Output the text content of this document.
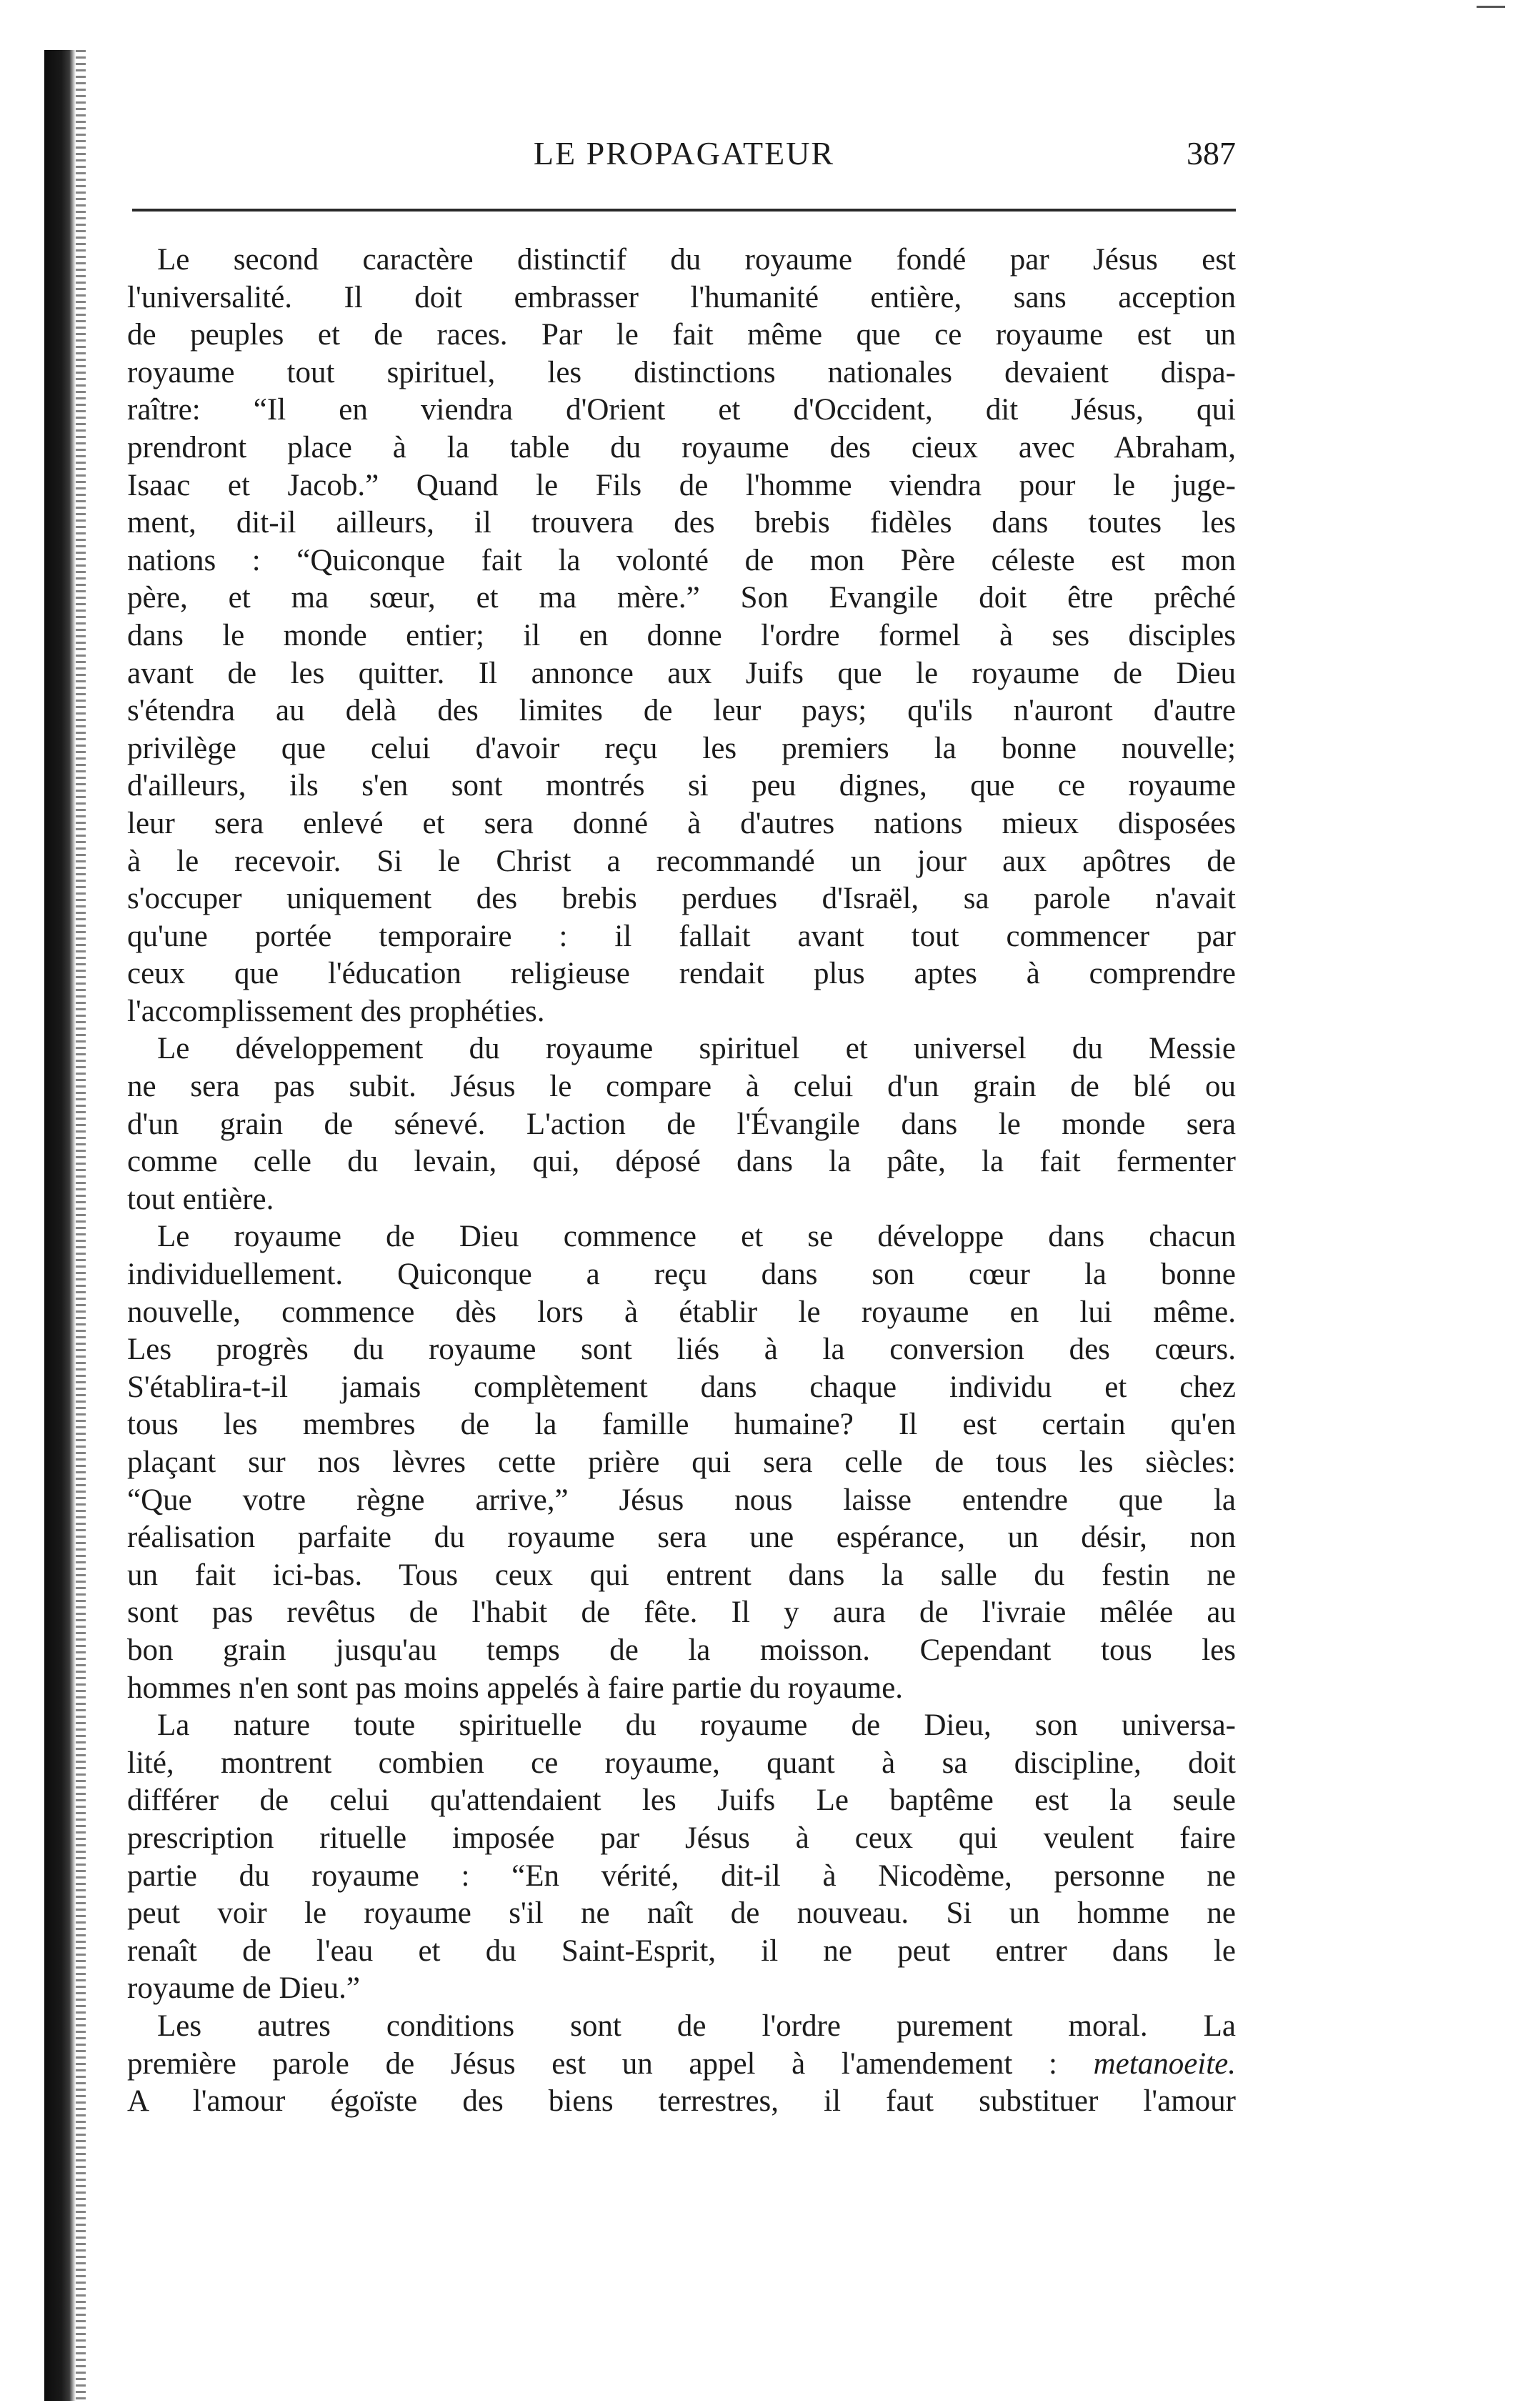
LE PROPAGATEUR	387
Le second caractère distinctif du royaume fondé par Jésus est
l'universalité. Il doit embrasser l'humanité entière, sans acception
de peuples et de races. Par le fait même que ce royaume est un
royaume tout spirituel, les distinctions nationales devaient dispa-
raître: “Il en viendra d'Orient et d'Occident, dit Jésus, qui
prendront place à la table du royaume des cieux avec Abraham,
Isaac et Jacob.” Quand le Fils de l'homme viendra pour le juge-
ment, dit-il ailleurs, il trouvera des brebis fidèles dans toutes les
nations : “Quiconque fait la volonté de mon Père céleste est mon
père, et ma sœur, et ma mère.” Son Evangile doit être prêché
dans le monde entier; il en donne l'ordre formel à ses disciples
avant de les quitter. Il annonce aux Juifs que le royaume de Dieu
s'étendra au delà des limites de leur pays; qu'ils n'auront d'autre
privilège que celui d'avoir reçu les premiers la bonne nouvelle;
d'ailleurs, ils s'en sont montrés si peu dignes, que ce royaume
leur sera enlevé et sera donné à d'autres nations mieux disposées
à le recevoir. Si le Christ a recommandé un jour aux apôtres de
s'occuper uniquement des brebis perdues d'Israël, sa parole n'avait
qu'une portée temporaire : il fallait avant tout commencer par
ceux que l'éducation religieuse rendait plus aptes à comprendre
l'accomplissement des prophéties.
Le développement du royaume spirituel et universel du Messie
ne sera pas subit. Jésus le compare à celui d'un grain de blé ou
d'un grain de sénevé. L'action de l'Évangile dans le monde sera
comme celle du levain, qui, déposé dans la pâte, la fait fermenter
tout entière.
Le royaume de Dieu commence et se développe dans chacun
individuellement. Quiconque a reçu dans son cœur la bonne
nouvelle, commence dès lors à établir le royaume en lui même.
Les progrès du royaume sont liés à la conversion des cœurs.
S'établira-t-il jamais complètement dans chaque individu et chez
tous les membres de la famille humaine? Il est certain qu'en
plaçant sur nos lèvres cette prière qui sera celle de tous les siècles:
“Que votre règne arrive,” Jésus nous laisse entendre que la
réalisation parfaite du royaume sera une espérance, un désir, non
un fait ici-bas. Tous ceux qui entrent dans la salle du festin ne
sont pas revêtus de l'habit de fête. Il y aura de l'ivraie mêlée au
bon grain jusqu'au temps de la moisson. Cependant tous les
hommes n'en sont pas moins appelés à faire partie du royaume.
La nature toute spirituelle du royaume de Dieu, son universa-
lité, montrent combien ce royaume, quant à sa discipline, doit
différer de celui qu'attendaient les Juifs Le baptême est la seule
prescription rituelle imposée par Jésus à ceux qui veulent faire
partie du royaume : “En vérité, dit-il à Nicodème, personne ne
peut voir le royaume s'il ne naît de nouveau. Si un homme ne
renaît de l'eau et du Saint-Esprit, il ne peut entrer dans le
royaume de Dieu.”
Les autres conditions sont de l'ordre purement moral. La
première parole de Jésus est un appel à l'amendement : metanoeite.
A l'amour égoïste des biens terrestres, il faut substituer l'amour
